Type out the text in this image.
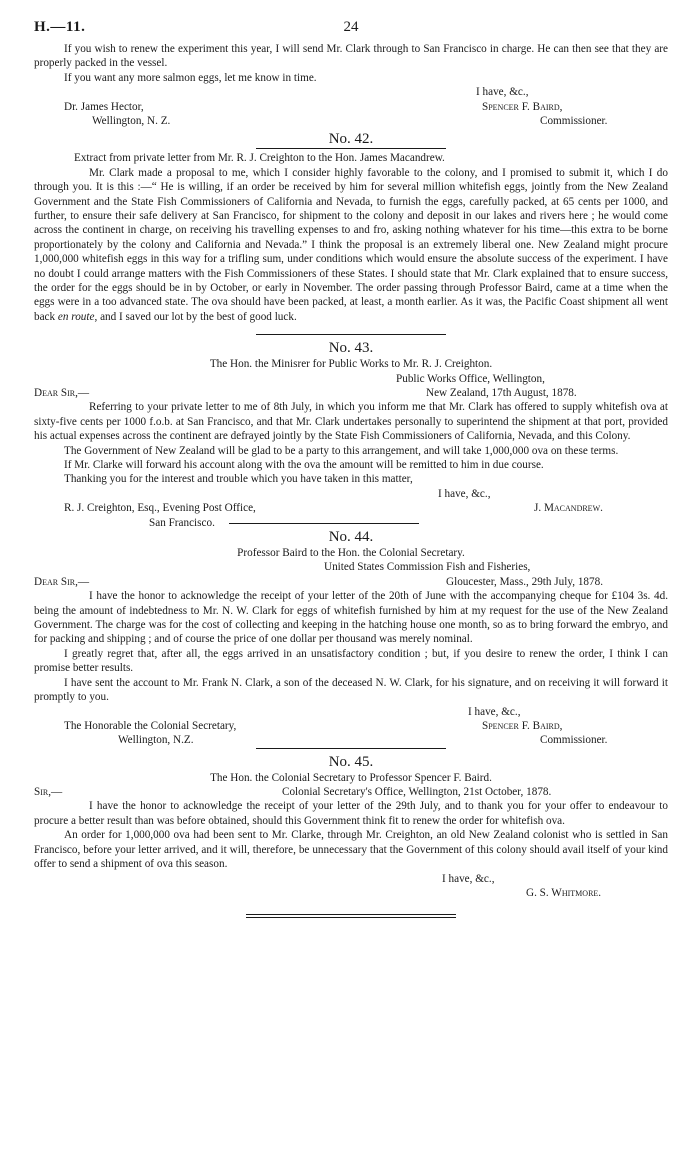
H.—11.	24

If you wish to renew the experiment this year, I will send Mr. Clark through to San Francisco in charge. He can then see that they are properly packed in the vessel.

If you want any more salmon eggs, let me know in time.

I have, &c.,
Dr. James Hector,	Spencer F. Baird,
Wellington, N. Z.	Commissioner.
No. 42.

Extract from private letter from Mr. R. J. Creighton to the Hon. James Macandrew.

Mr. Clark made a proposal to me, which I consider highly favorable to the colony, and I promised to submit it, which I do through you. It is this :—“ He is willing, if an order be received by him for several million whitefish eggs, jointly from the New Zealand Government and the State Fish Commissioners of California and Nevada, to furnish the eggs, carefully packed, at 65 cents per 1000, and further, to ensure their safe delivery at San Francisco, for shipment to the colony and deposit in our lakes and rivers here ; he would come across the continent in charge, on receiving his travelling expenses to and fro, asking nothing whatever for his time—this extra to be borne proportionately by the colony and California and Nevada.” I think the proposal is an extremely liberal one. New Zealand might procure 1,000,000 whitefish eggs in this way for a trifling sum, under conditions which would ensure the absolute success of the experiment. I have no doubt I could arrange matters with the Fish Commissioners of these States. I should state that Mr. Clark explained that to ensure success, the order for the eggs should be in by October, or early in November. The order passing through Professor Baird, came at a time when the eggs were in a too advanced state. The ova should have been packed, at least, a month earlier. As it was, the Pacific Coast shipment all went back en route, and I saved our lot by the best of good luck.

No. 43.

The Hon. the Minisrer for Public Works to Mr. R. J. Creighton.

Public Works Office, Wellington,
Dear Sir,—	New Zealand, 17th August, 1878.

Referring to your private letter to me of 8th July, in which you inform me that Mr. Clark has offered to supply whitefish ova at sixty-five cents per 1000 f.o.b. at San Francisco, and that Mr. Clark undertakes personally to superintend the shipment at that port, provided his actual expenses across the continent are defrayed jointly by the State Fish Commissioners of California, Nevada, and this Colony.

The Government of New Zealand will be glad to be a party to this arrangement, and will take 1,000,000 ova on these terms.

If Mr. Clarke will forward his account along with the ova the amount will be remitted to him in due course.

Thanking you for the interest and trouble which you have taken in this matter,

I have, &c.,
R. J. Creighton, Esq., Evening Post Office,	J. Macandrew.
San Francisco.
No. 44.

Professor Baird to the Hon. the Colonial Secretary.

United States Commission Fish and Fisheries,
Dear Sir,—	Gloucester, Mass., 29th July, 1878.

I have the honor to acknowledge the receipt of your letter of the 20th of June with the accompanying cheque for £104 3s. 4d. being the amount of indebtedness to Mr. N. W. Clark for eggs of whitefish furnished by him at my request for the use of the New Zealand Government. The charge was for the cost of collecting and keeping in the hatching house one month, so as to bring forward the embryo, and for packing and shipping ; and of course the price of one dollar per thousand was merely nominal.

I greatly regret that, after all, the eggs arrived in an unsatisfactory condition ; but, if you desire to renew the order, I think I can promise better results.

I have sent the account to Mr. Frank N. Clark, a son of the deceased N. W. Clark, for his signature, and on receiving it will forward it promptly to you.

I have, &c.,
The Honorable the Colonial Secretary,	Spencer F. Baird,
Wellington, N.Z.	Commissioner.
No. 45.

The Hon. the Colonial Secretary to Professor Spencer F. Baird.

Sir,—	Colonial Secretary's Office, Wellington, 21st October, 1878.

I have the honor to acknowledge the receipt of your letter of the 29th July, and to thank you for your offer to endeavour to procure a better result than was before obtained, should this Government think fit to renew the order for whitefish ova.

An order for 1,000,000 ova had been sent to Mr. Clarke, through Mr. Creighton, an old New Zealand colonist who is settled in San Francisco, before your letter arrived, and it will, therefore, be unnecessary that the Government of this colony should avail itself of your kind offer to send a shipment of ova this season.

I have, &c.,
G. S. Whitmore.
